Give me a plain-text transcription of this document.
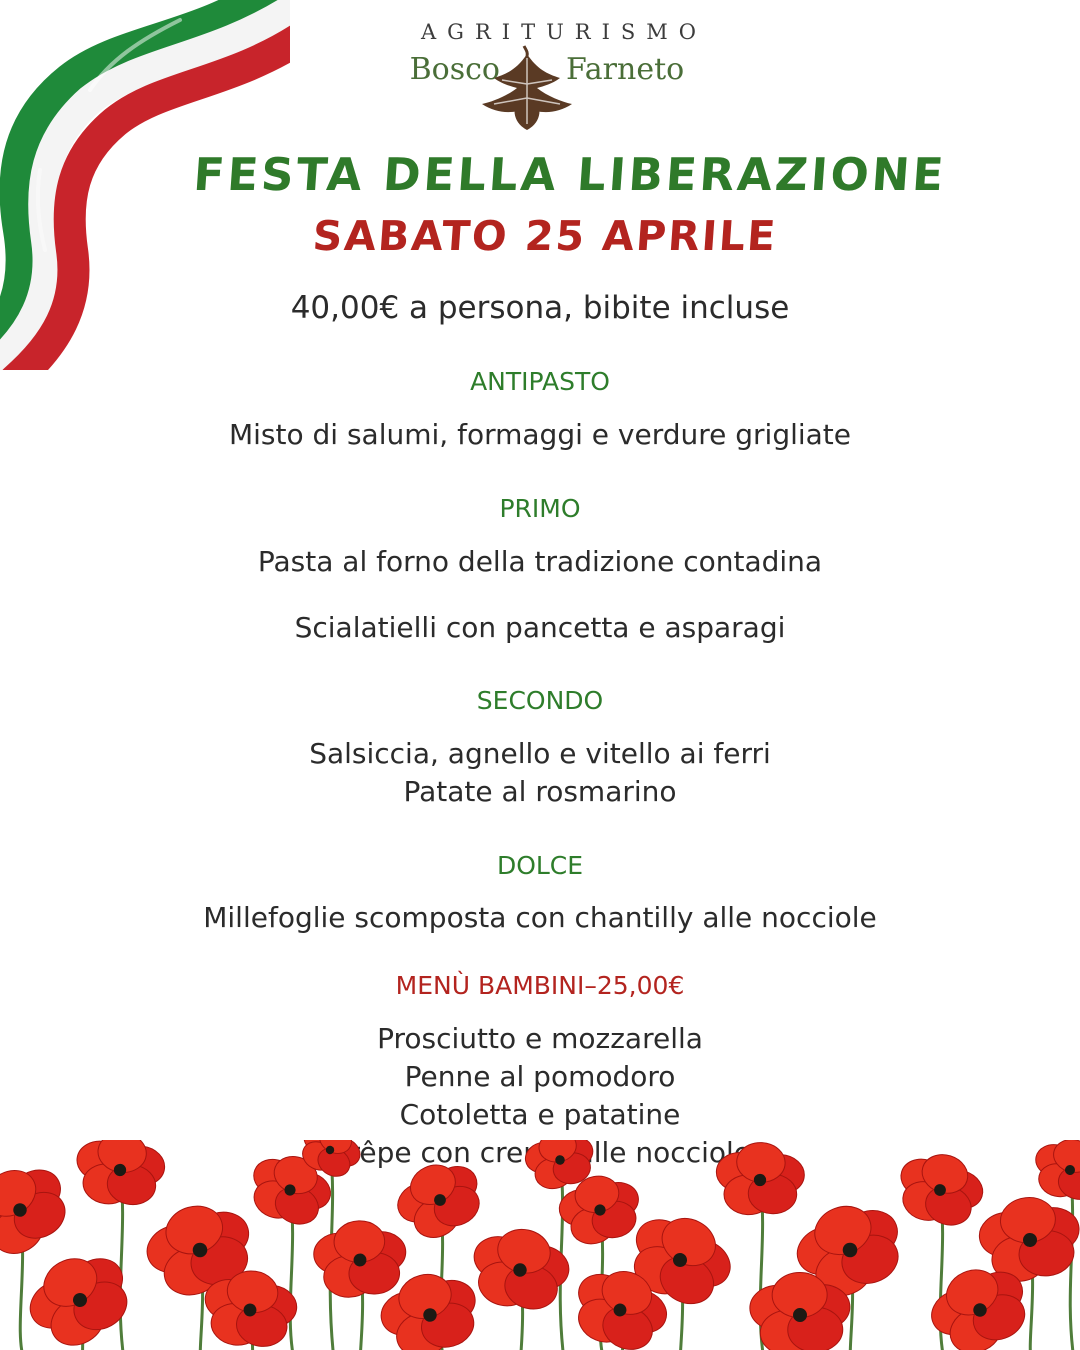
AGRITURISMO
Bosco Farneto
FESTA DELLA LIBERAZIONE
SABATO 25 APRILE
40,00€ a persona, bibite incluse
ANTIPASTO
Misto di salumi, formaggi e verdure grigliate
PRIMO
Pasta al forno della tradizione contadina
Scialatielli con pancetta e asparagi
SECONDO
Salsiccia, agnello e vitello ai ferri
Patate al rosmarino
DOLCE
Millefoglie scomposta con chantilly alle nocciole
MENÙ BAMBINI–25,00€
Prosciutto e mozzarella
Penne al pomodoro
Cotoletta e patatine
Crêpe con crema alle nocciole
